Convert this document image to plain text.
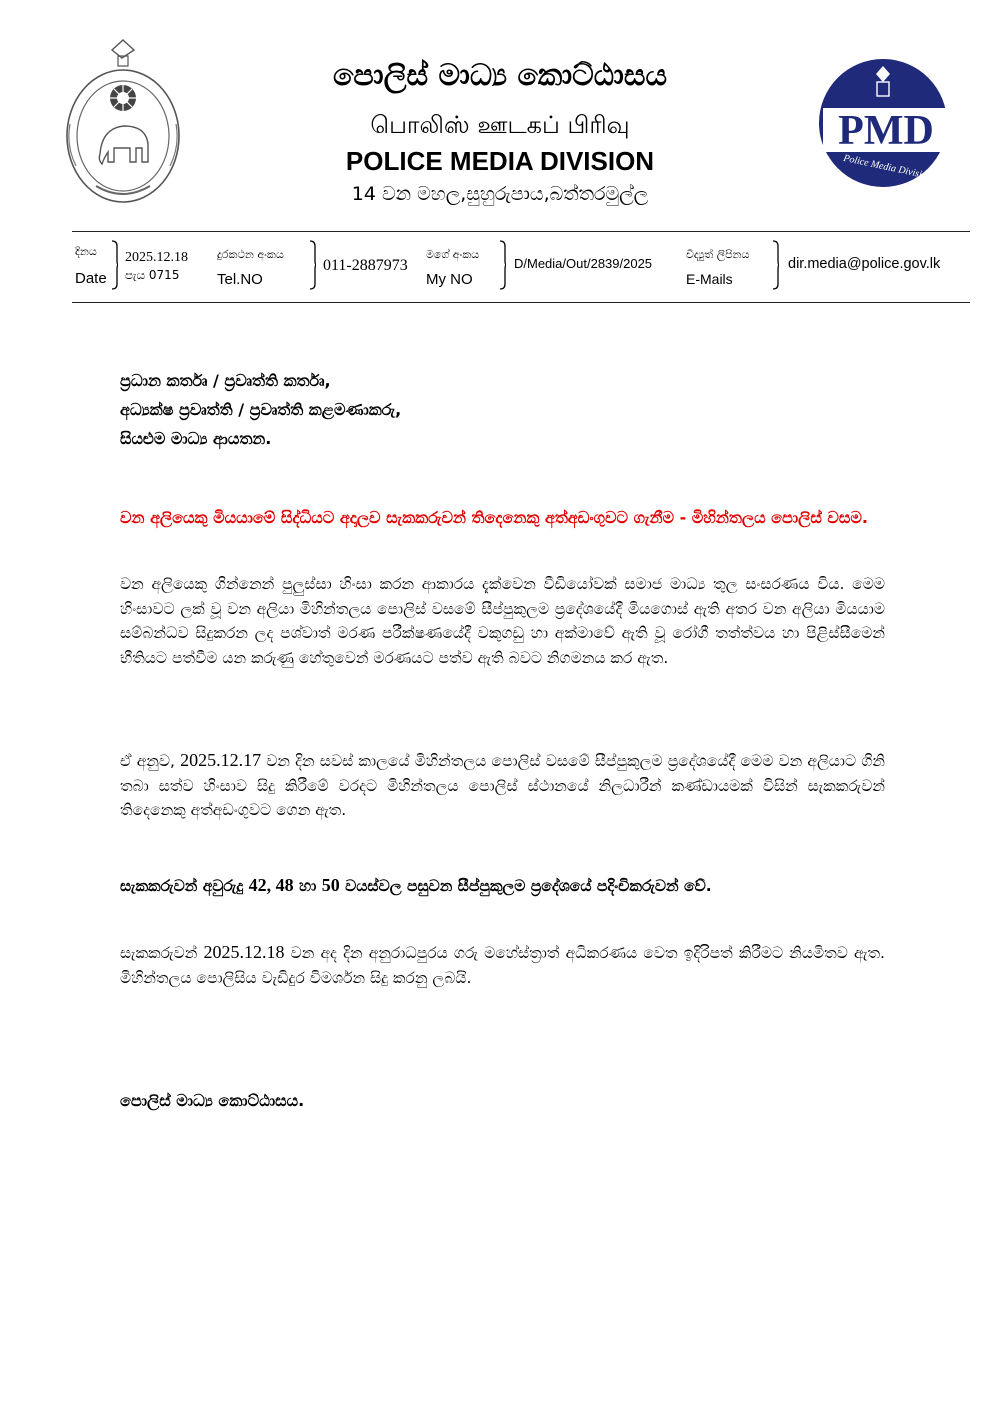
PMD
Police Media Division
පොලිස් මාධ්‍ය කොට්ඨාසය
பொலிஸ் ஊடகப் பிரிவு
POLICE MEDIA DIVISION
14 වන මහල,සුහුරුපාය,බත්තරමුල්ල
දිනය
Date
2025.12.18
පැය 0715
දුරකථන අංකය
Tel.NO
011-2887973
මගේ අංකය
My NO
D/Media/Out/2839/2025
විද්‍යුත් ලිපිනය
E-Mails
dir.media@police.gov.lk
ප්‍රධාන කර්තෘ / ප්‍රවෘත්ති කර්තෘ,
අධ්‍යක්ෂ ප්‍රවෘත්ති / ප්‍රවෘත්ති කළමණාකරු,
සියළුම මාධ්‍ය ආයතන.
වන අලියෙකු මියයාමේ සිද්ධියට අදාලව සැකකරුවන් තිදෙනෙකු අත්අඩංගුවට ගැනීම - මිහින්තලය පොලිස් වසම.
වන අලියෙකු ගින්නෙන් පුලුස්සා හිංසා කරන ආකාරය දැක්වෙන වීඩියෝවක් සමාජ මාධ්‍ය තුල සංසරණය විය. මෙම හිංසාවට ලක් වූ වන අලියා මිහින්තලය පොලිස් වසමේ සීප්පුකුලම ප්‍රදේශයේදී මියගොස් ඇති අතර වන අලියා මියයාම සම්බන්ධව සිදුකරන ලද පශ්වාත් මරණ පරීක්ෂණයේදී වකුගඩු හා අක්මාවේ ඇති වූ රෝගී තත්ත්වය හා පිළිස්සීමෙන් භීතියට පත්වීම යන කරුණු හේතුවෙන් මරණයට පත්ව ඇති බවට නිගමනය කර ඇත.
ඒ අනුව, 2025.12.17 වන දින සවස් කාලයේ මිහින්තලය පොලිස් වසමේ සීප්පුකුලම ප්‍රදේශයේදී මෙම වන අලියාට ගිනි තබා සත්ව හිංසාව සිදු කිරීමේ වරදට මිහින්තලය පොලිස් ස්ථානයේ නිලධාරීන් කණ්ඩායමක් විසින් සැකකරුවන් තිදෙනෙකු අත්අඩංගුවට ගෙන ඇත.
සැකකරුවන් අවුරුදු 42, 48 හා 50 වයස්වල පසුවන සීප්පුකුලම ප්‍රදේශයේ පදිංචිකරුවන් වේ.
සැකකරුවන් 2025.12.18 වන අද දින අනුරාධපුරය ගරු මහේස්ත්‍රාත් අධිකරණය වෙත ඉදිරිපත් කිරීමට නියමිතව ඇත. මිහින්තලය පොලිසිය වැඩිදුර විමර්ශන සිදු කරනු ලබයි.
පොලිස් මාධ්‍ය කොට්ඨාසය.
